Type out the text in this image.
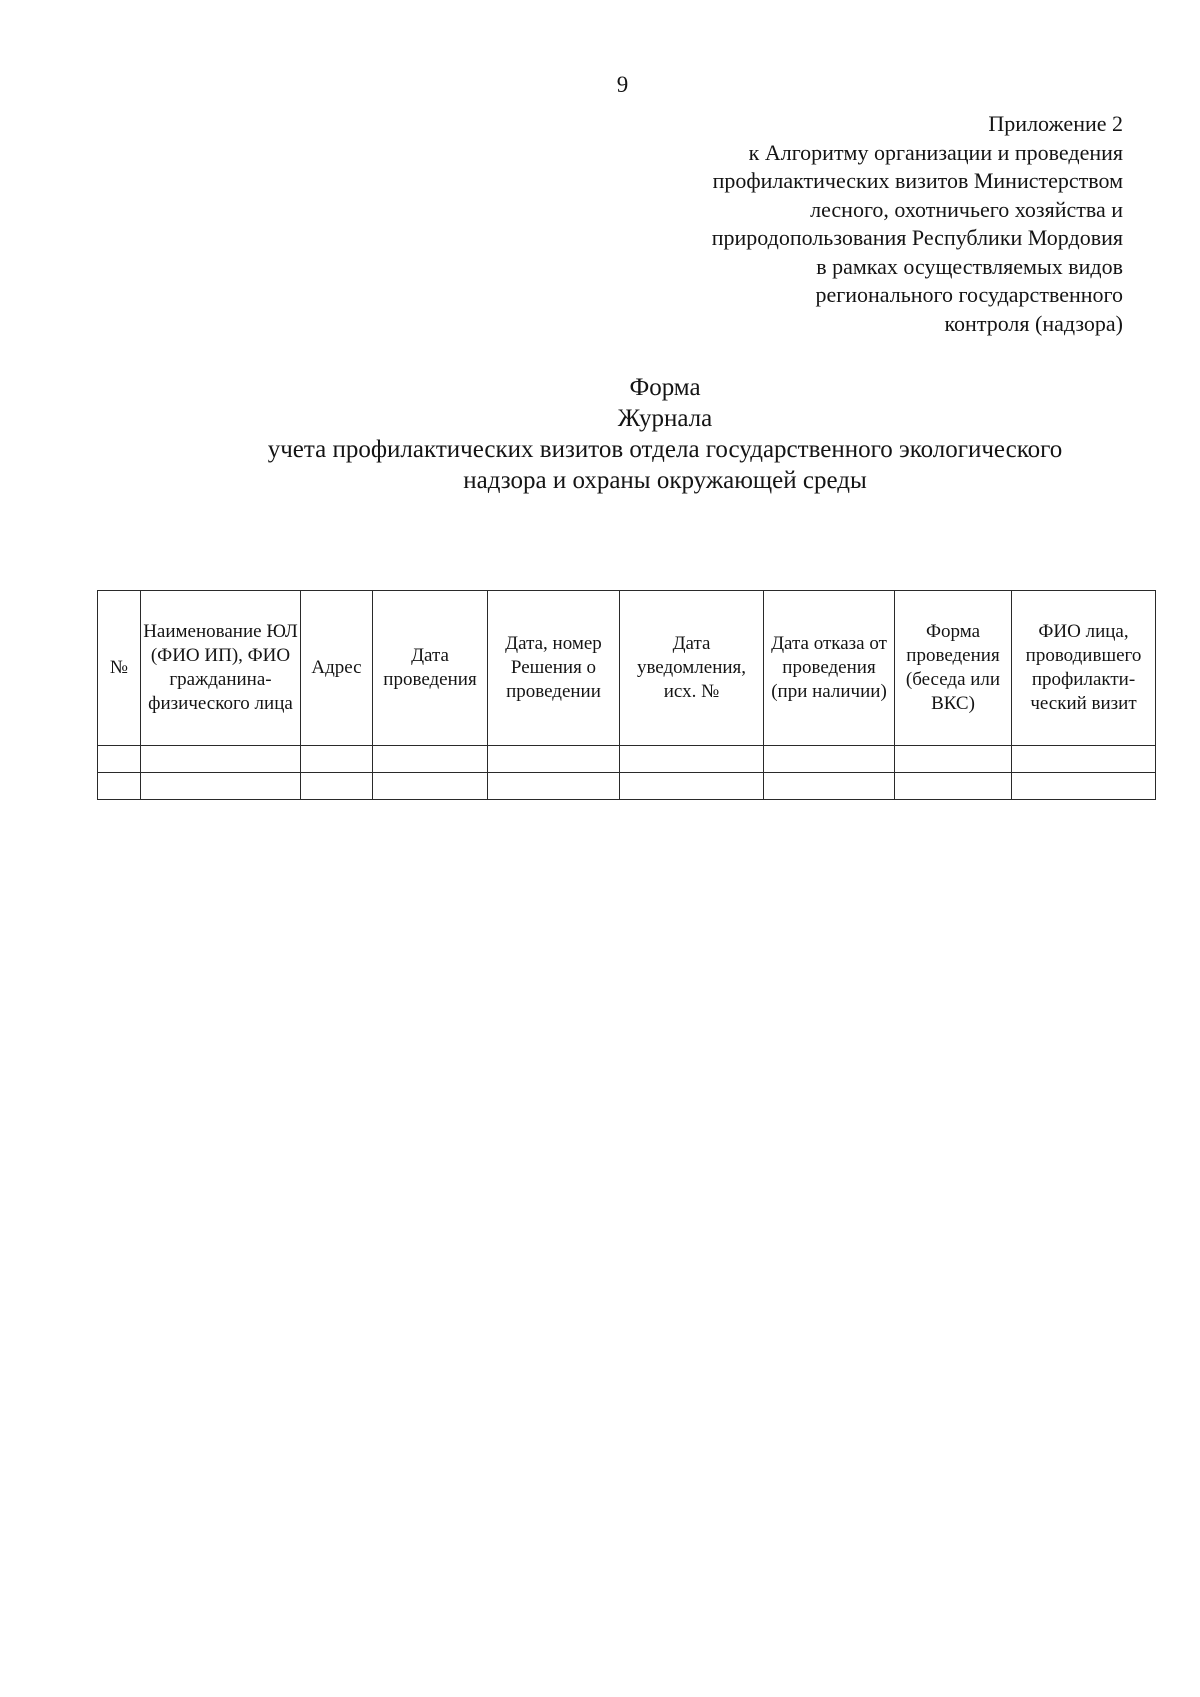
9
Приложение 2
к Алгоритму организации и проведения
профилактических визитов Министерством
лесного, охотничьего хозяйства и
природопользования Республики Мордовия
в рамках осуществляемых видов
регионального государственного
контроля (надзора)
Форма
Журнала
учета профилактических визитов отдела государственного экологического
надзора и охраны окружающей среды
№	Наименование ЮЛ (ФИО ИП), ФИО гражданина-физического лица	Адрес	Дата проведения	Дата, номер Решения о проведении	Дата уведомления, исх. №	Дата отказа от проведения (при наличии)	Форма проведения (беседа или ВКС)	ФИО лица, проводившего профилакти-ческий визит
